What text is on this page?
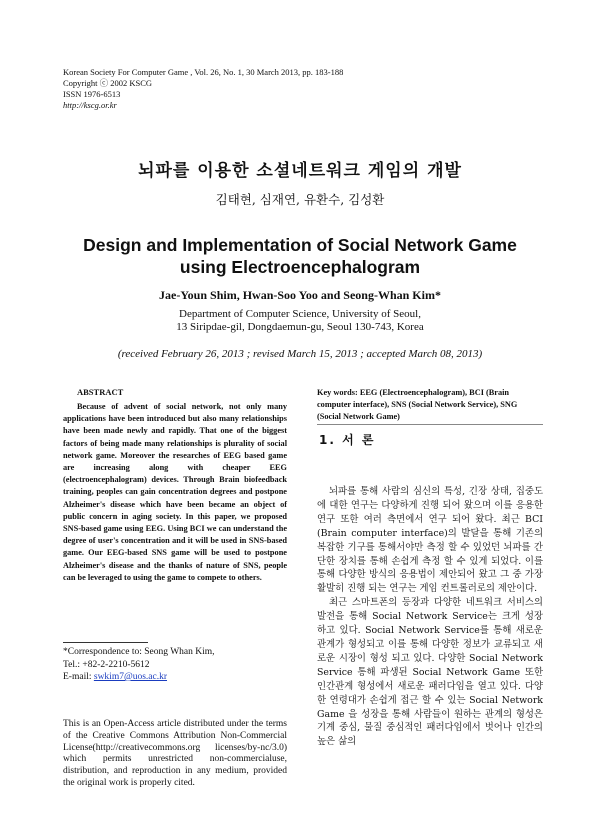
Korean Society For Computer Game , Vol. 26, No. 1, 30 March 2013, pp. 183-188
Copyright ⓒ 2002 KSCG
ISSN 1976-6513
http://kscg.or.kr
뇌파를 이용한 소셜네트워크 게임의 개발
김태현, 심재연, 유환수, 김성환
Design and Implementation of Social Network Game using Electroencephalogram
Jae-Youn Shim, Hwan-Soo Yoo and Seong-Whan Kim*
Department of Computer Science, University of Seoul,
13 Siripdae-gil, Dongdaemun-gu, Seoul 130-743, Korea
(received February 26, 2013 ; revised March 15, 2013 ; accepted March 08, 2013)
ABSTRACT
Because of advent of social network, not only many applications have been introduced but also many relationships have been made newly and rapidly. That one of the biggest factors of being made many relationships is plurality of social network game. Moreover the researches of EEG based game are increasing along with cheaper EEG (electroencephalogram) devices. Through Brain biofeedback training, peoples can gain concentration degrees and postpone Alzheimer's disease which have been became an object of public concern in aging society. In this paper, we proposed SNS-based game using EEG. Using BCI we can understand the degree of user's concentration and it will be used in SNS-based game. Our EEG-based SNS game will be used to postpone Alzheimer's disease and the thanks of nature of SNS, people can be leveraged to using the game to compete to others.
*Correspondence to: Seong Whan Kim,
Tel.: +82-2-2210-5612
E-mail: swkim7@uos.ac.kr
This is an Open-Access article distributed under the terms of the Creative Commons Attribution Non-Commercial License(http://creativecommons.org licenses/by-nc/3.0) which permits unrestricted non-commercialuse, distribution, and reproduction in any medium, provided the original work is properly cited.
Key words: EEG (Electroencephalogram), BCI (Brain computer interface), SNS (Social Network Service), SNG (Social Network Game)
1. 서 론

뇌파를 통해 사람의 심신의 특성, 긴장 상태, 집중도에 대한 연구는 다양하게 진행 되어 왔으며 이를 응용한 연구 또한 여러 측면에서 연구 되어 왔다. 최근 BCI (Brain computer interface)의 발달을 통해 기존의 복잡한 기구를 통해서야만 측정 할 수 있었던 뇌파를 간단한 장치를 통해 손쉽게 측정 할 수 있게 되었다. 이를 통해 다양한 방식의 응용법이 제안되어 왔고 그 중 가장 활발히 진행 되는 연구는 게임 컨트롤러로의 제안이다.

최근 스마트폰의 등장과 다양한 네트워크 서비스의 발전을 통해 Social Network Service는 크게 성장 하고 있다. Social Network Service를 통해 새로운 관계가 형성되고 이를 통해 다양한 정보가 교류되고 새로운 시장이 형성 되고 있다. 다양한 Social Network Service 통해 파생된 Social Network Game 또한 인간관계 형성에서 새로운 패러다임을 열고 있다. 다양한 연령대가 손쉽게 접근 할 수 있는 Social Network Game 을 성장을 통해 사람들이 원하는 관계의 형성은 기계 중심, 물질 중심적인 패러다임에서 벗어나 인간의 높은 삶의
